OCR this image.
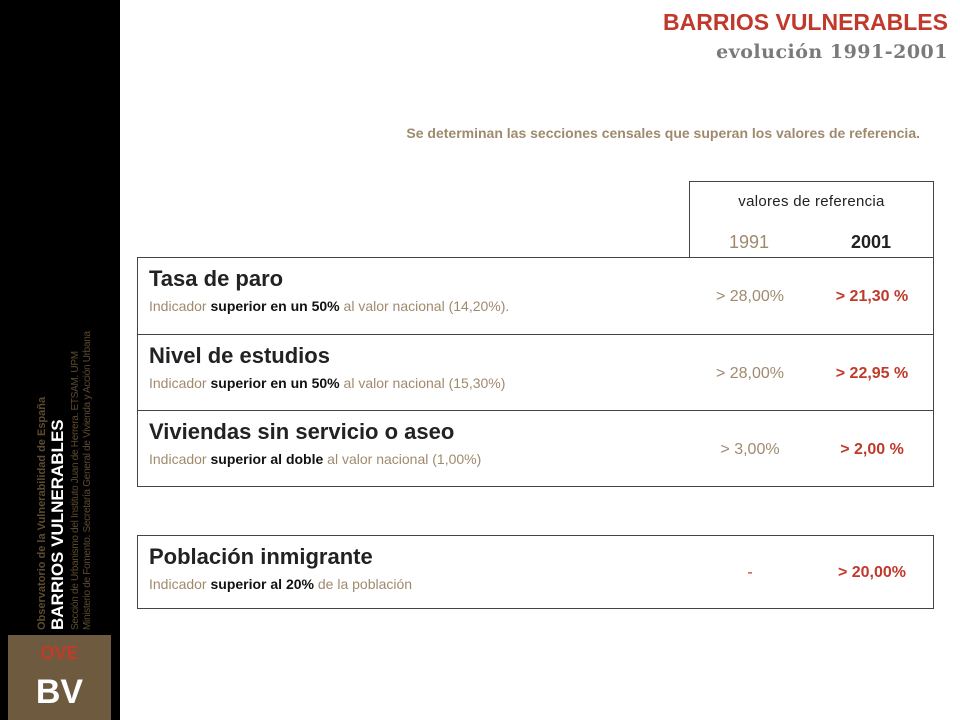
Observatorio de la Vulnerabilidad de España BARRIOS VULNERABLES Sección de Urbanismo del Instituto Juan de Herrera. ETSAM. UPM Ministerio de Fomento. Secretaría General de Vivienda y Acción Urbana
OVE
BV
BARRIOS VULNERABLES
evolución 1991-2001
Se determinan las secciones censales que superan los valores de referencia.
valores de referencia
1991	2001
Tasa de paro
Indicador superior en un 50% al valor nacional (14,20%).
> 28,00%	> 21,30 %
Nivel de estudios
Indicador superior en un 50% al valor nacional (15,30%)
> 28,00%	> 22,95 %
Viviendas sin servicio o aseo
Indicador superior al doble al valor nacional (1,00%)
> 3,00%	> 2,00 %
Población inmigrante
Indicador superior al 20% de la población
-	> 20,00%
